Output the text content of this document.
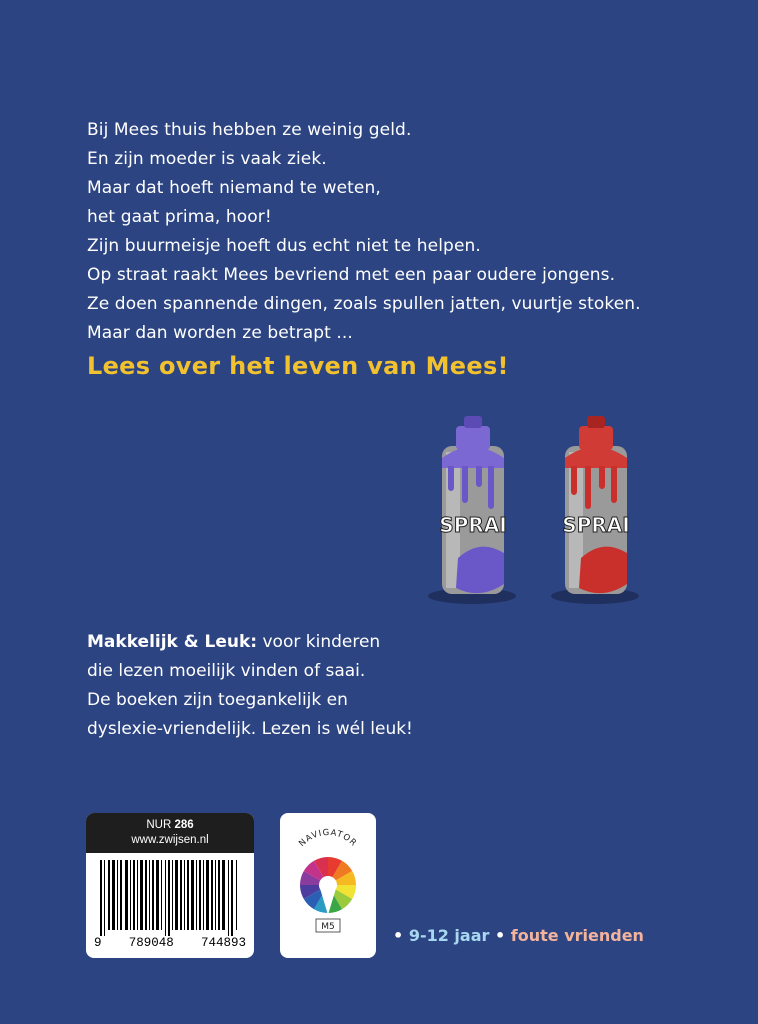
Bij Mees thuis hebben ze weinig geld.
En zijn moeder is vaak ziek.
Maar dat hoeft niemand te weten,
het gaat prima, hoor!
Zijn buurmeisje hoeft dus echt niet te helpen.
Op straat raakt Mees bevriend met een paar oudere jongens.
Ze doen spannende dingen, zoals spullen jatten, vuurtje stoken.
Maar dan worden ze betrapt ...
Lees over het leven van Mees!
SPRAI	SPRAI
Makkelijk & Leuk: voor kinderen
die lezen moeilijk vinden of saai.
De boeken zijn toegankelijk en
dyslexie-vriendelijk. Lezen is wél leuk!
NUR 286
www.zwijsen.nl
9 789048 744893
NAVIGATOR
M5	• 9-12 jaar • foute vrienden
